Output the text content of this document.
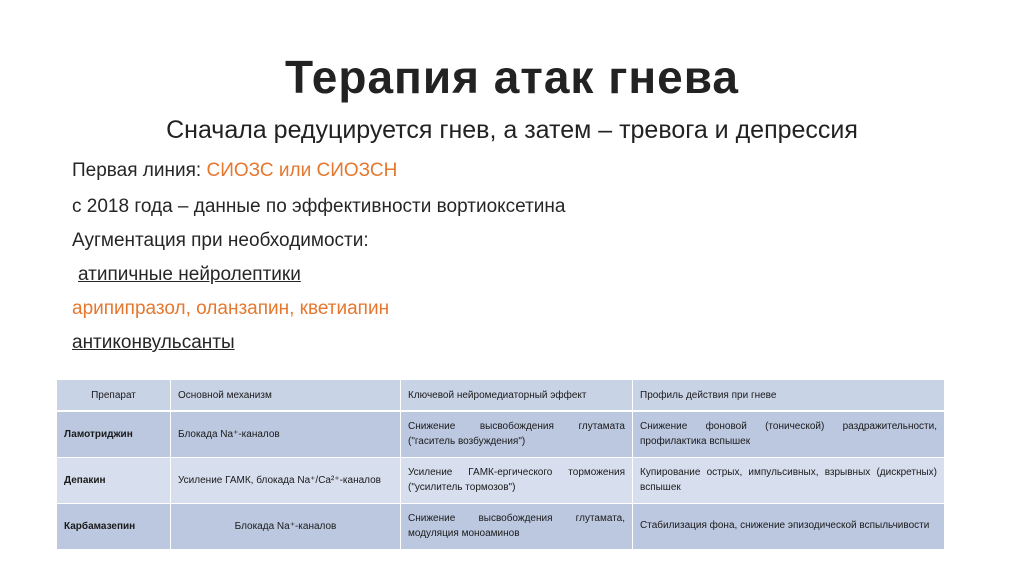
Терапия атак гнева
Сначала редуцируется гнев, а затем – тревога и депрессия
Первая линия: СИОЗС или СИОЗСН
с 2018 года – данные по эффективности вортиоксетина
Аугментация при необходимости:
атипичные нейролептики
арипипразол, оланзапин, кветиапин
антиконвульсанты
Препарат	Основной механизм	Ключевой нейромедиаторный эффект	Профиль действия при гневе
Ламотриджин	Блокада Na⁺-каналов	Снижение высвобождения глутамата ("гаситель возбуждения")	Снижение фоновой (тонической) раздражительности, профилактика вспышек

Депакин	Усиление ГАМК, блокада Na⁺/Ca²⁺-каналов	Усиление ГАМК-ергического торможения ("усилитель тормозов")	Купирование острых, импульсивных, взрывных (дискретных) вспышек

Карбамазепин	Блокада Na⁺-каналов	Снижение высвобождения глутамата, модуляция моноаминов	Стабилизация фона, снижение эпизодической вспыльчивости
